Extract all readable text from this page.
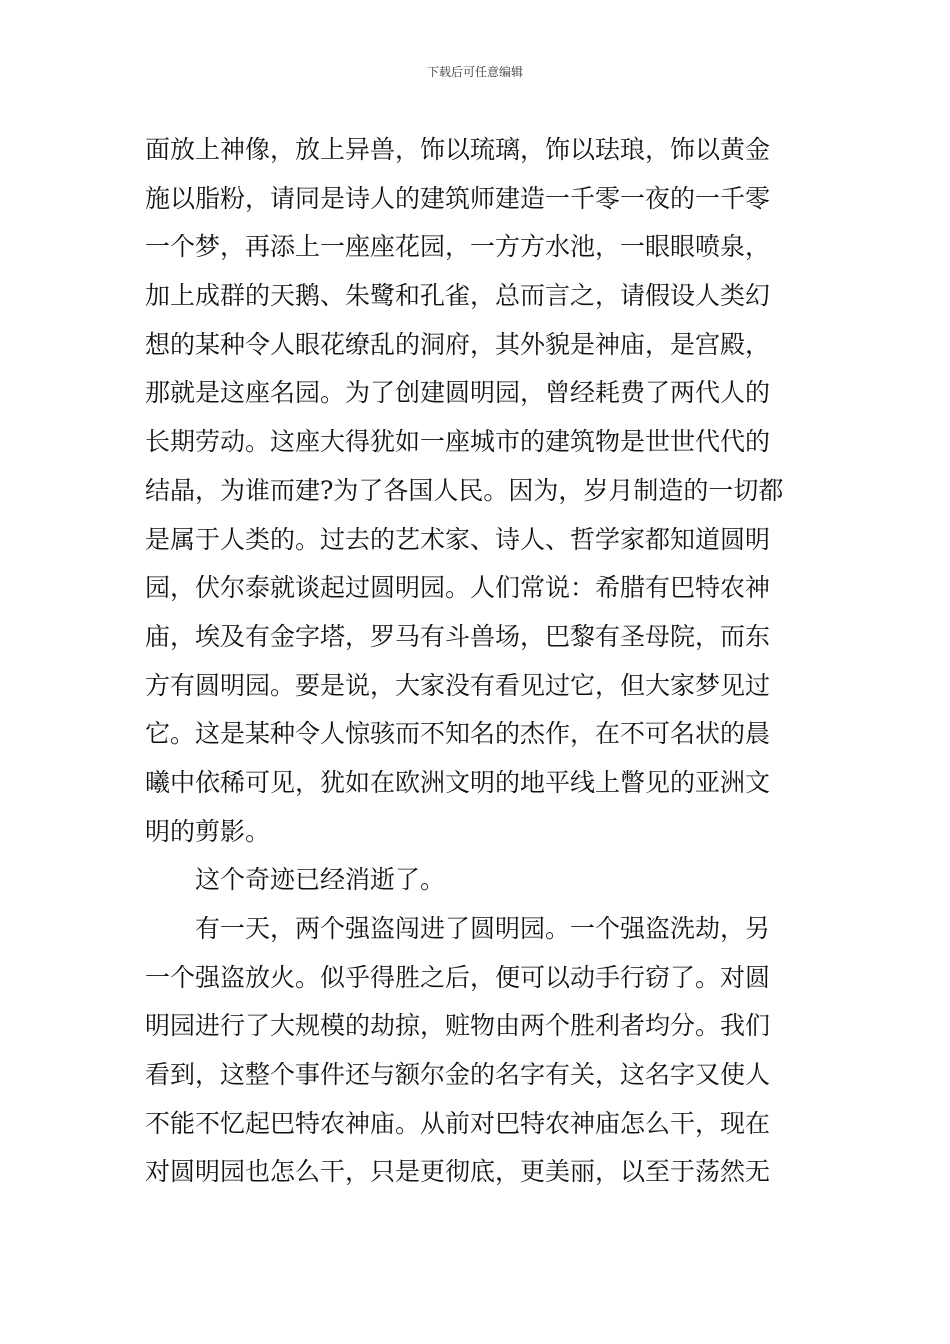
下载后可任意编辑
面放上神像，放上异兽，饰以琉璃，饰以珐琅，饰以黄金
施以脂粉，请同是诗人的建筑师建造一千零一夜的一千零
一个梦，再添上一座座花园，一方方水池，一眼眼喷泉，
加上成群的天鹅、朱鹭和孔雀，总而言之，请假设人类幻
想的某种令人眼花缭乱的洞府，其外貌是神庙，是宫殿，
那就是这座名园。为了创建圆明园，曾经耗费了两代人的
长期劳动。这座大得犹如一座城市的建筑物是世世代代的
结晶，为谁而建?为了各国人民。因为，岁月制造的一切都
是属于人类的。过去的艺术家、诗人、哲学家都知道圆明
园，伏尔泰就谈起过圆明园。人们常说：希腊有巴特农神
庙，埃及有金字塔，罗马有斗兽场，巴黎有圣母院，而东
方有圆明园。要是说，大家没有看见过它，但大家梦见过
它。这是某种令人惊骇而不知名的杰作，在不可名状的晨
曦中依稀可见，犹如在欧洲文明的地平线上瞥见的亚洲文
明的剪影。
这个奇迹已经消逝了。
有一天，两个强盗闯进了圆明园。一个强盗洗劫，另
一个强盗放火。似乎得胜之后，便可以动手行窃了。对圆
明园进行了大规模的劫掠，赃物由两个胜利者均分。我们
看到，这整个事件还与额尔金的名字有关，这名字又使人
不能不忆起巴特农神庙。从前对巴特农神庙怎么干，现在
对圆明园也怎么干，只是更彻底，更美丽，以至于荡然无
